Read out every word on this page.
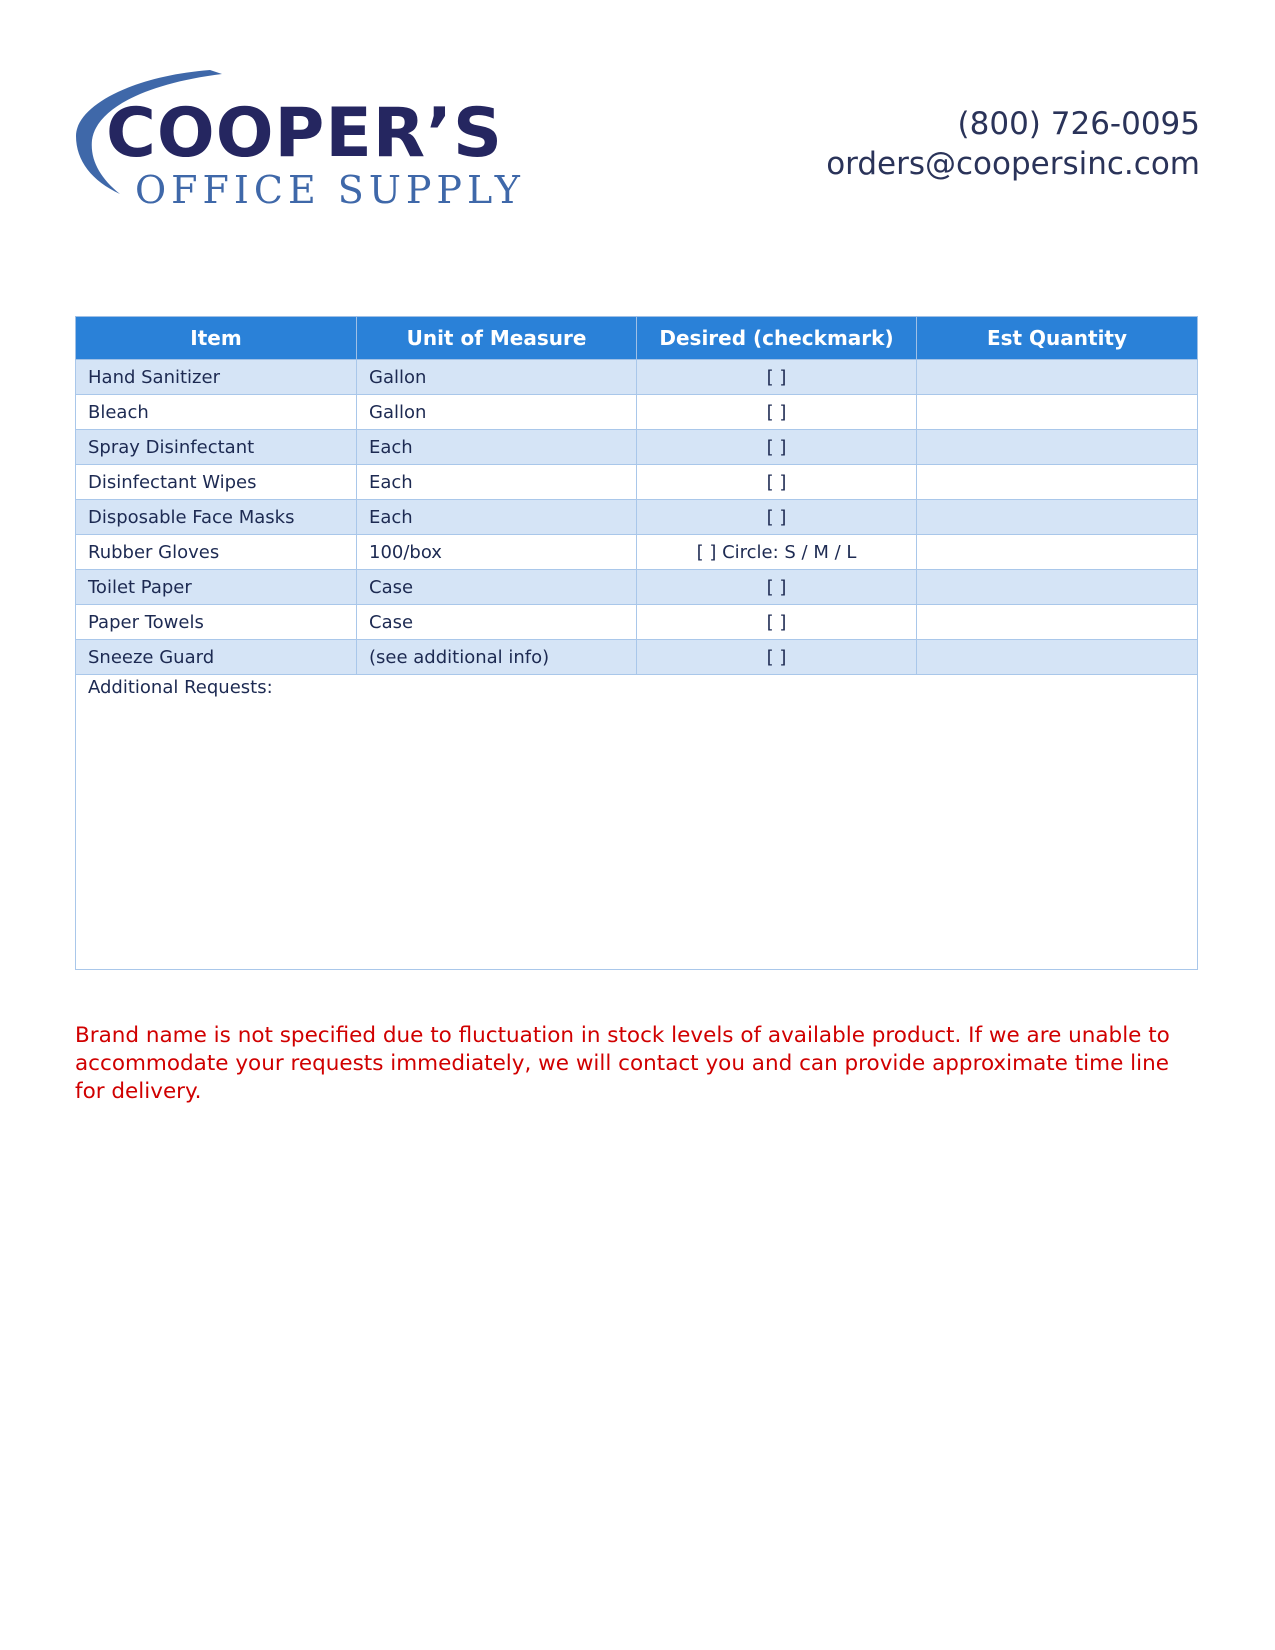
COOPER’S
OFFICE SUPPLY
(800) 726-0095
orders@coopersinc.com
Item	Unit of Measure	Desired (checkmark)	Est Quantity
Hand Sanitizer	Gallon	[ ]	
Bleach	Gallon	[ ]	
Spray Disinfectant	Each	[ ]	
Disinfectant Wipes	Each	[ ]	
Disposable Face Masks	Each	[ ]	
Rubber Gloves	100/box	[ ] Circle: S / M / L	
Toilet Paper	Case	[ ]	
Paper Towels	Case	[ ]	
Sneeze Guard	(see additional info)	[ ]	
Additional Requests:			
Brand name is not specified due to fluctuation in stock levels of available product. If we are unable to accommodate your requests immediately, we will contact you and can provide approximate time line for delivery.
